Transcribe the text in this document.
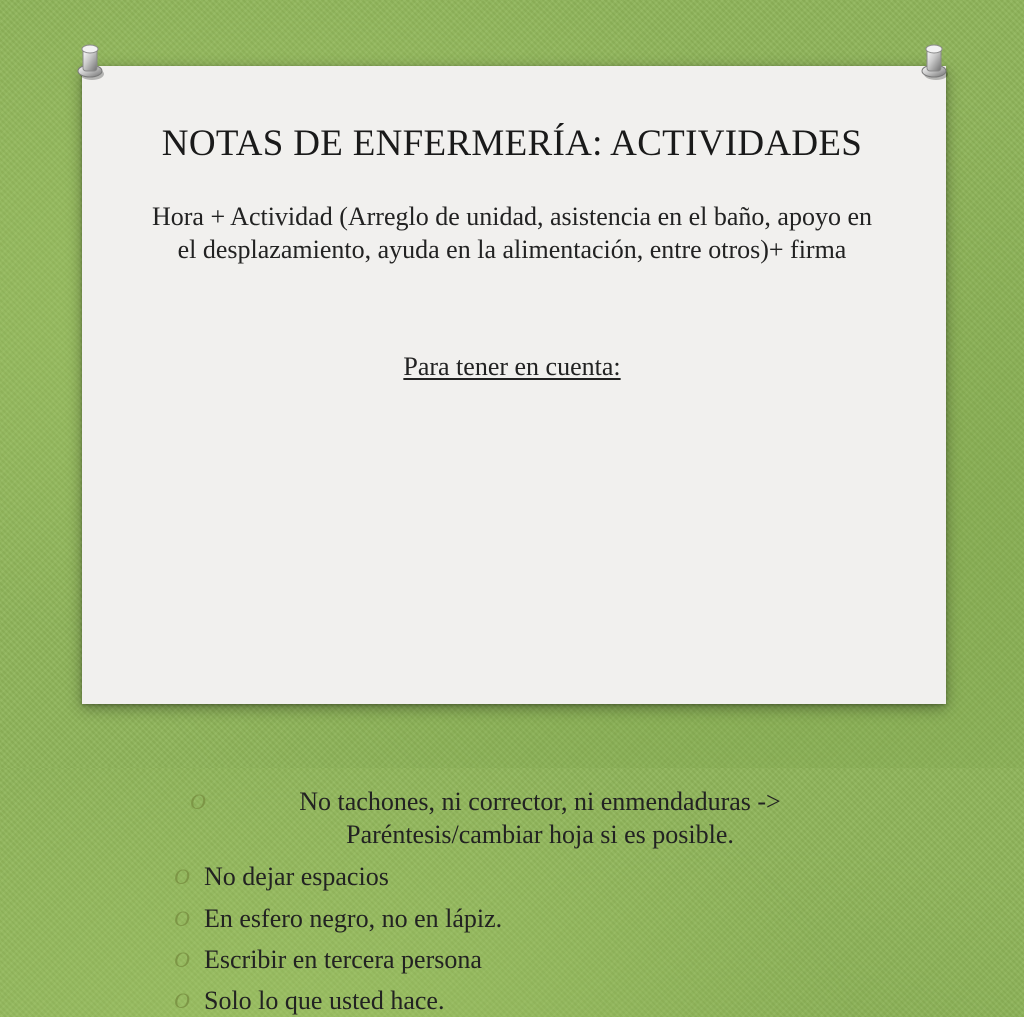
NOTAS DE ENFERMERÍA: ACTIVIDADES
Hora + Actividad (Arreglo de unidad, asistencia en el baño, apoyo en el desplazamiento, ayuda en la alimentación, entre otros)+ firma
Para tener en cuenta:
O	No tachones, ni corrector, ni enmendaduras -> Paréntesis/cambiar hoja si es posible.
O No dejar espacios
O En esfero negro, no en lápiz.
O Escribir en tercera persona
O Solo lo que usted hace.
